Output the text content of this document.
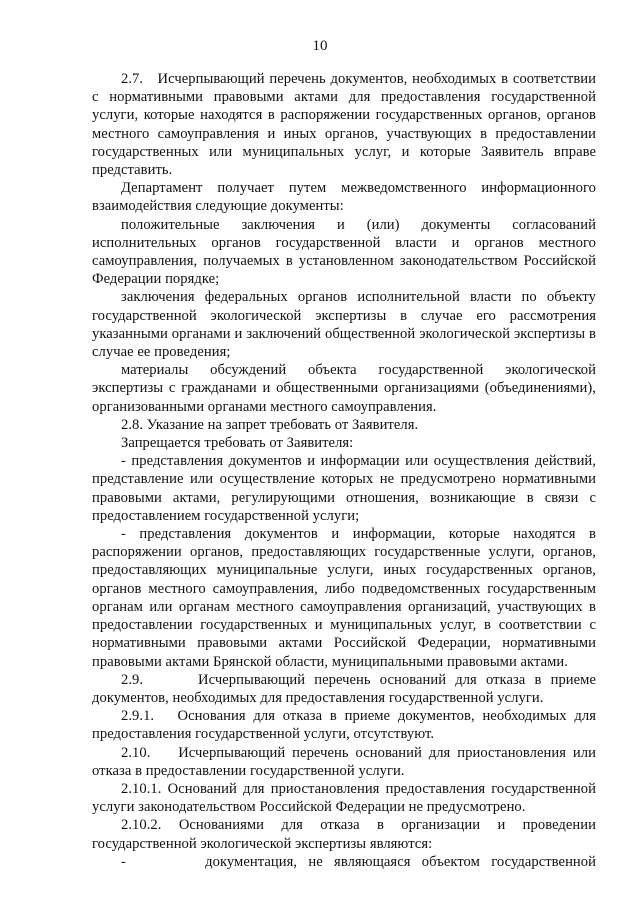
10

2.7.   Исчерпывающий перечень документов, необходимых в соответствии с нормативными правовыми актами для предоставления государственной услуги, которые находятся в распоряжении государственных органов, органов местного самоуправления и иных органов, участвующих в предоставлении государственных или муниципальных услуг, и которые Заявитель вправе представить.

Департамент получает путем межведомственного информационного взаимодействия следующие документы:

положительные заключения и (или) документы согласований исполнительных органов государственной власти и органов местного самоуправления, получаемых в установленном законодательством Российской Федерации порядке;

заключения федеральных органов исполнительной власти по объекту государственной экологической экспертизы в случае его рассмотрения указанными органами и заключений общественной экологической экспертизы в случае ее проведения;

материалы обсуждений объекта государственной экологической экспертизы с гражданами и общественными организациями (объединениями), организованными органами местного самоуправления.

2.8. Указание на запрет требовать от Заявителя.

Запрещается требовать от Заявителя:

- представления документов и информации или осуществления действий, представление или осуществление которых не предусмотрено нормативными правовыми актами, регулирующими отношения, возникающие в связи с предоставлением государственной услуги;

- представления документов и информации, которые находятся в распоряжении органов, предоставляющих государственные услуги, органов, предоставляющих муниципальные услуги, иных государственных органов, органов местного самоуправления, либо подведомственных государственным органам или органам местного самоуправления организаций, участвующих в предоставлении государственных и муниципальных услуг, в соответствии с нормативными правовыми актами Российской Федерации, нормативными правовыми актами Брянской области, муниципальными правовыми актами.

2.9.      Исчерпывающий перечень оснований для отказа в приеме документов, необходимых для предоставления государственной услуги.

2.9.1.   Основания для отказа в приеме документов, необходимых для предоставления государственной услуги, отсутствуют.

2.10.    Исчерпывающий перечень оснований для приостановления или отказа в предоставлении государственной услуги.

2.10.1. Оснований для приостановления предоставления государственной услуги законодательством Российской Федерации не предусмотрено.

2.10.2. Основаниями для отказа в организации и проведении государственной экологической экспертизы являются:

-       документация, не являющаяся объектом государственной
